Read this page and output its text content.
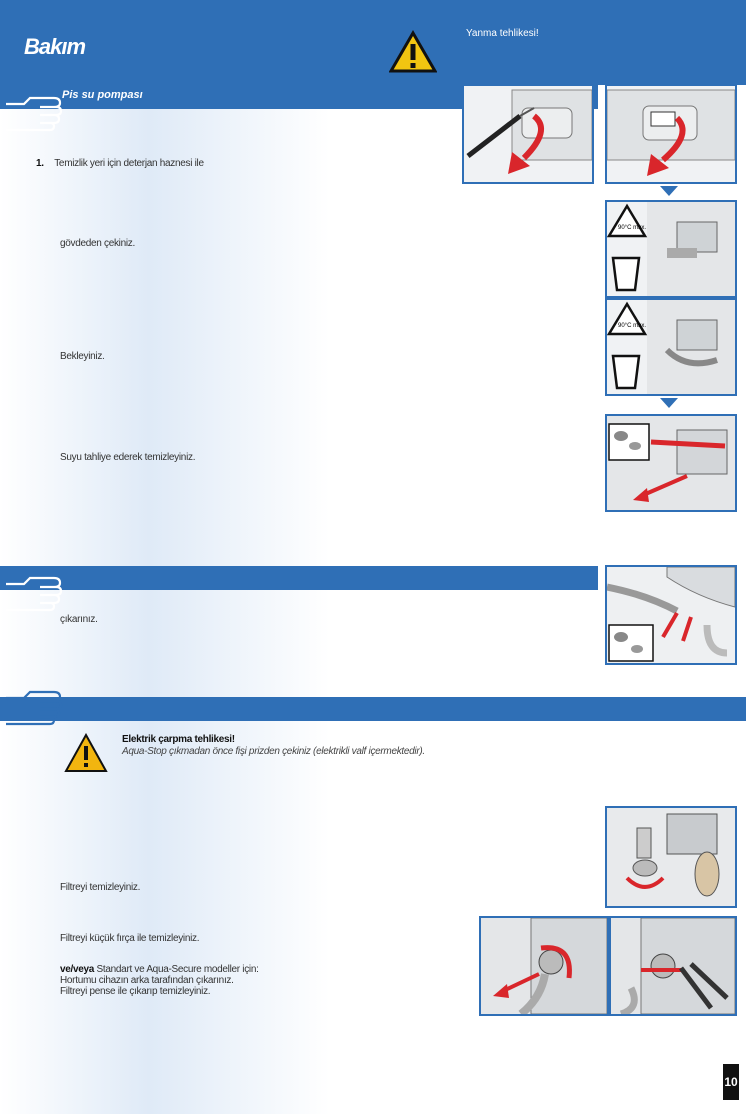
Bakım
Yanma tehlikesi!
Pis su pompası
1. Temizlik yeri için deterjan haznesi ile
gövdeden çekiniz.
Bekleyiniz.
Suyu tahliye ederek temizleyiniz.
90°C max.
90°C max.
çıkarınız.
Elektrik çarpma tehlikesi!
Aqua-Stop çıkmadan önce fişi prizden çekiniz (elektrikli valf içermektedir).
Filtreyi temizleyiniz.
Filtreyi küçük fırça ile temizleyiniz.
ve/veya Standart ve Aqua-Secure modeller için:
Hortumu cihazın arka tarafından çıkarınız.
Filtreyi pense ile çıkarıp temizleyiniz.
10
